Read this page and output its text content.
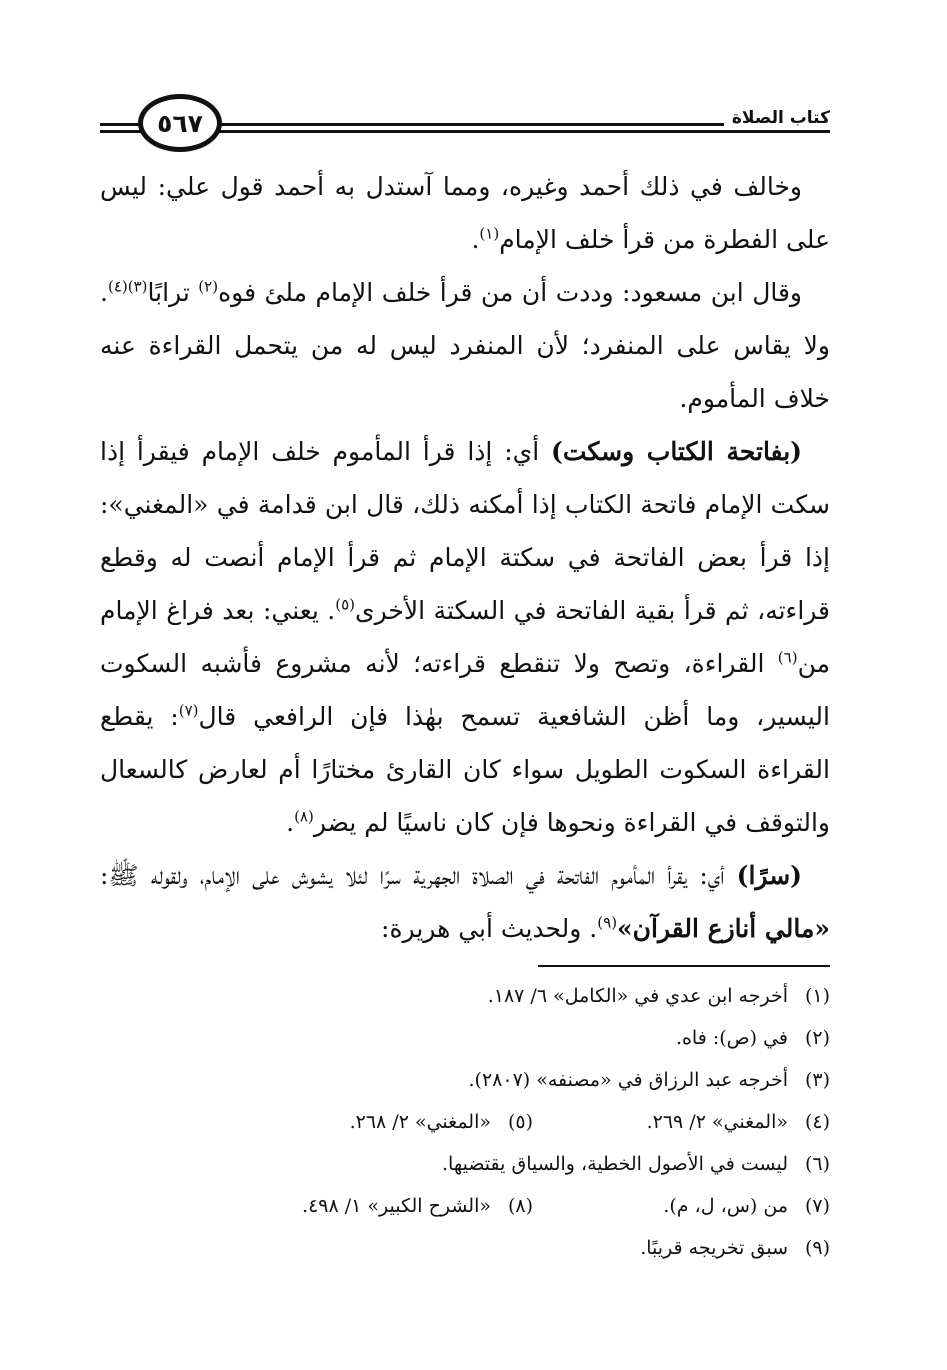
٥٦٧	كتاب الصلاة

وخالف في ذلك أحمد وغيره، ومما آستدل به أحمد قول علي: ليس على الفطرة من قرأ خلف الإمام$^{(١)}$.

وقال ابن مسعود: وددت أن من قرأ خلف الإمام ملئ فوه$^{(٢)}$ ترابًا$^{(٣)(٤)}$. ولا يقاس على المنفرد؛ لأن المنفرد ليس له من يتحمل القراءة عنه خلاف المأموم.

(بفاتحة الكتاب وسكت) أي: إذا قرأ المأموم خلف الإمام فيقرأ إذا سكت الإمام فاتحة الكتاب إذا أمكنه ذلك، قال ابن قدامة في «المغني»: إذا قرأ بعض الفاتحة في سكتة الإمام ثم قرأ الإمام أنصت له وقطع قراءته، ثم قرأ بقية الفاتحة في السكتة الأخرى$^{(٥)}$. يعني: بعد فراغ الإمام من$^{(٦)}$ القراءة، وتصح ولا تنقطع قراءته؛ لأنه مشروع فأشبه السكوت اليسير، وما أظن الشافعية تسمح بهٰذا فإن الرافعي قال$^{(٧)}$: يقطع القراءة السكوت الطويل سواء كان القارئ مختارًا أم لعارض كالسعال والتوقف في القراءة ونحوها فإن كان ناسيًا لم يضر$^{(٨)}$.

(سرًا) أي: يقرأ المأموم الفاتحة في الصلاة الجهرية سرًا لئلا يشوش على الإمام، ولقوله ﷺ: «مالي أنازع القرآن»$^{(٩)}$. ولحديث أبي هريرة:

(١)
أخرجه ابن عدي في «الكامل» ٦/ ١٨٧.
(٢)
في (ص): فاه.
(٣)
أخرجه عبد الرزاق في «مصنفه» (٢٨٠٧).
(٤)
«المغني» ٢/ ٢٦٩.
(٥)
«المغني» ٢/ ٢٦٨.
(٦)
ليست في الأصول الخطية، والسياق يقتضيها.
(٧)
من (س، ل، م).
(٨)
«الشرح الكبير» ١/ ٤٩٨.
(٩)
سبق تخريجه قريبًا.
